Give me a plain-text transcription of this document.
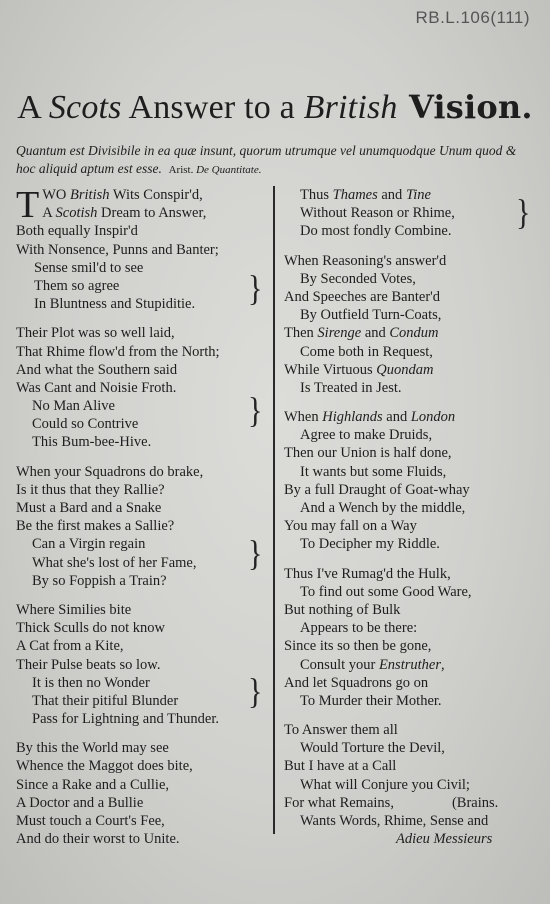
RB.L.106(111)
A Scots Answer to a British Vision.
Quantum est Divisibile in ea quæ insunt, quorum utrumque vel unumquodque Unum quod & hoc aliquid aptum est esse. Arist. De Quantitate.
T WO British Wits Conspir'd,
A Scotish Dream to Answer,
Both equally Inspir'd
With Nonsence, Punns and Banter;
Sense smil'd to see
Them so agree
In Bluntness and Stupiditie.	}
Their Plot was so well laid,
That Rhime flow'd from the North;
And what the Southern said
Was Cant and Noisie Froth.
No Man Alive
Could so Contrive
This Bum-bee-Hive.
}
When your Squadrons do brake,
Is it thus that they Rallie?
Must a Bard and a Snake
Be the first makes a Sallie?
Can a Virgin regain
What she's lost of her Fame,
By so Foppish a Train?
}
Where Similies bite
Thick Sculls do not know
A Cat from a Kite,
Their Pulse beats so low.
It is then no Wonder
That their pitiful Blunder
Pass for Lightning and Thunder.
}
By this the World may see
Whence the Maggot does bite,
Since a Rake and a Cullie,
A Doctor and a Bullie
Must touch a Court's Fee,
And do their worst to Unite.
Thus Thames and Tine
Without Reason or Rhime,
Do most fondly Combine.	}
When Reasoning's answer'd
By Seconded Votes,
And Speeches are Banter'd
By Outfield Turn-Coats,
Then Sirenge and Condum
Come both in Request,
While Virtuous Quondam
Is Treated in Jest.
When Highlands and London
Agree to make Druids,
Then our Union is half done,
It wants but some Fluids,
By a full Draught of Goat-whay
And a Wench by the middle,
You may fall on a Way
To Decipher my Riddle.
Thus I've Rumag'd the Hulk,
To find out some Good Ware,
But nothing of Bulk
Appears to be there:
Since its so then be gone,
Consult your Enstruther,
And let Squadrons go on
To Murder their Mother.
To Answer them all
Would Torture the Devil,
But I have at a Call
What will Conjure you Civil;
For what Remains,	(Brains.
Wants Words, Rhime, Sense and
Adieu Messieurs
